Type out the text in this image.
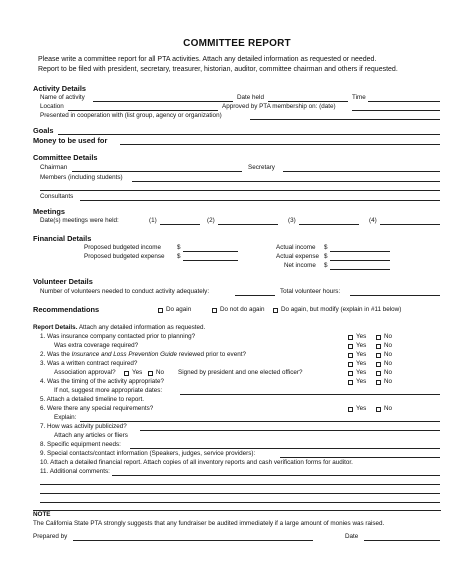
COMMITTEE REPORT
Please write a committee report for all PTA activities. Attach any detailed information as requested or needed.
Report to be filed with president, secretary, treasurer, historian, auditor, committee chairman and others if requested.
Activity Details
Name of activity	Date held	Time
Location	Approved by PTA membership on: (date)
Presented in cooperation with (list group, agency or organization)
Goals
Money to be used for
Committee Details
Chairman	Secretary
Members (including students)
Consultants
Meetings
Date(s) meetings were held:	(1)	(2)	(3)	(4)
Financial Details
Proposed budgeted income	$
Proposed budgeted expense $
Actual income $
Actual expense $
Net income $
Volunteer Details
Number of volunteers needed to conduct activity adequately:	Total volunteer hours:
Recommendations	Do again	Do not do again	Do again, but modify (explain in #11 below)
Report Details. Attach any detailed information as requested.
1. Was insurance company contacted prior to planning?	Yes	No
Was extra coverage required?	Yes	No
2. Was the Insurance and Loss Prevention Guide reviewed prior to event?	Yes	No
3. Was a written contract required?	Yes	No
Association approval?	Yes No Signed by president and one elected officer?	Yes	No
4. Was the timing of the activity appropriate?	Yes	No
If not, suggest more appropriate dates:
5. Attach a detailed timeline to report.
6. Were there any special requirements?	Yes	No
Explain:
7. How was activity publicized?
Attach any articles or fliers
8. Specific equipment needs:
9. Special contacts/contact information (Speakers, judges, service providers):
10. Attach a detailed financial report. Attach copies of all inventory reports and cash verification forms for auditor.
11. Additional comments:
NOTE
The California State PTA strongly suggests that any fundraiser be audited immediately if a large amount of monies was raised.
Prepared by	Date
